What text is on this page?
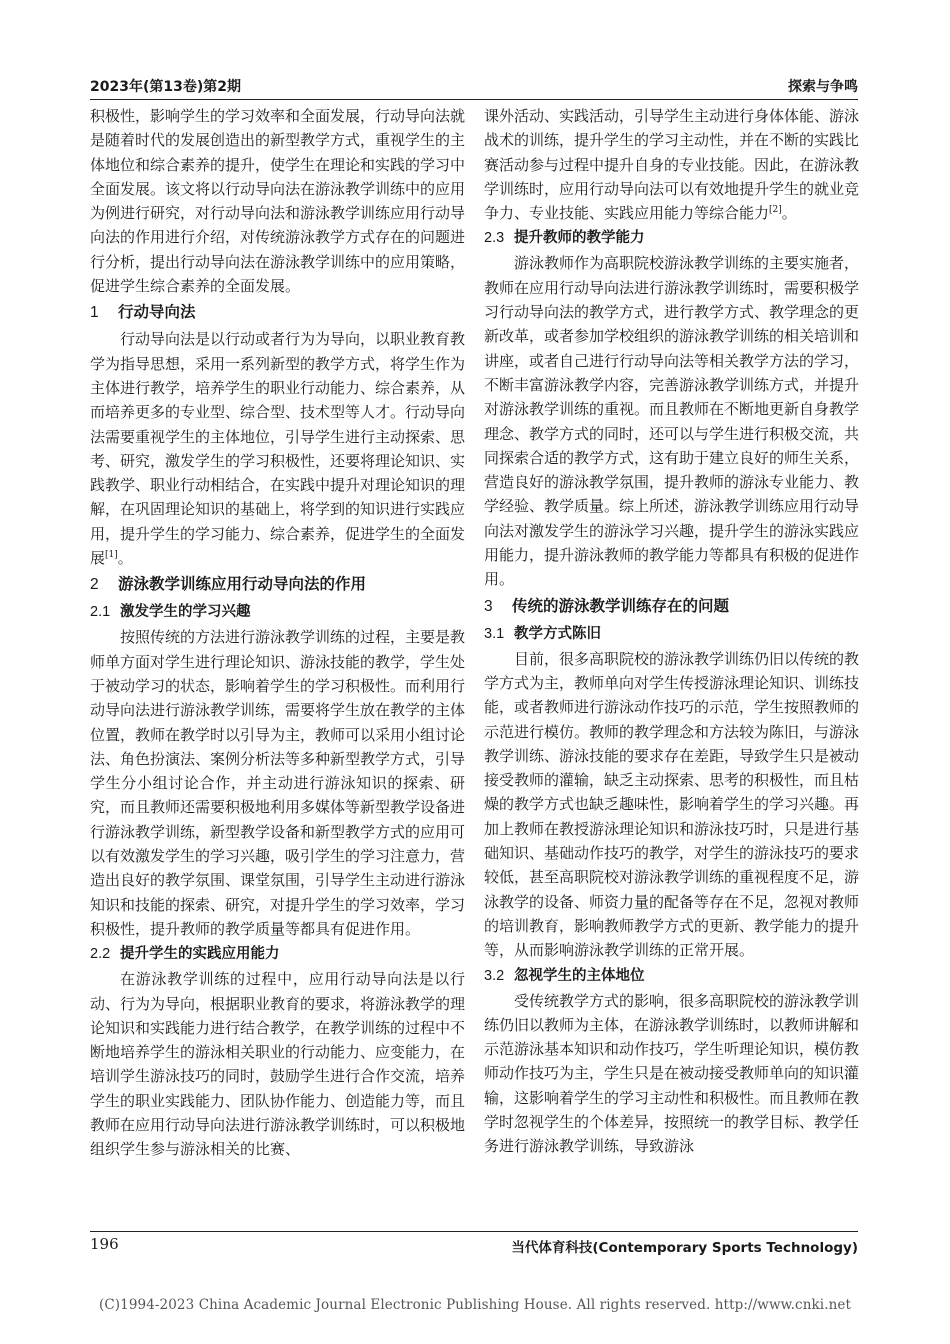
2023年(第13卷)第2期	探索与争鸣

积极性，影响学生的学习效率和全面发展，行动导向法就是随着时代的发展创造出的新型教学方式，重视学生的主体地位和综合素养的提升，使学生在理论和实践的学习中全面发展。该文将以行动导向法在游泳教学训练中的应用为例进行研究，对行动导向法和游泳教学训练应用行动导向法的作用进行介绍，对传统游泳教学方式存在的问题进行分析，提出行动导向法在游泳教学训练中的应用策略，促进学生综合素养的全面发展。

1 行动导向法

行动导向法是以行动或者行为为导向，以职业教育教学为指导思想，采用一系列新型的教学方式，将学生作为主体进行教学，培养学生的职业行动能力、综合素养，从而培养更多的专业型、综合型、技术型等人才。行动导向法需要重视学生的主体地位，引导学生进行主动探索、思考、研究，激发学生的学习积极性，还要将理论知识、实践教学、职业行动相结合，在实践中提升对理论知识的理解，在巩固理论知识的基础上，将学到的知识进行实践应用，提升学生的学习能力、综合素养，促进学生的全面发展[1]。

2 游泳教学训练应用行动导向法的作用
2.1 激发学生的学习兴趣

按照传统的方法进行游泳教学训练的过程，主要是教师单方面对学生进行理论知识、游泳技能的教学，学生处于被动学习的状态，影响着学生的学习积极性。而利用行动导向法进行游泳教学训练，需要将学生放在教学的主体位置，教师在教学时以引导为主，教师可以采用小组讨论法、角色扮演法、案例分析法等多种新型教学方式，引导学生分小组讨论合作，并主动进行游泳知识的探索、研究，而且教师还需要积极地利用多媒体等新型教学设备进行游泳教学训练，新型教学设备和新型教学方式的应用可以有效激发学生的学习兴趣，吸引学生的学习注意力，营造出良好的教学氛围、课堂氛围，引导学生主动进行游泳知识和技能的探索、研究，对提升学生的学习效率，学习积极性，提升教师的教学质量等都具有促进作用。

2.2 提升学生的实践应用能力

在游泳教学训练的过程中，应用行动导向法是以行动、行为为导向，根据职业教育的要求，将游泳教学的理论知识和实践能力进行结合教学，在教学训练的过程中不断地培养学生的游泳相关职业的行动能力、应变能力，在培训学生游泳技巧的同时，鼓励学生进行合作交流，培养学生的职业实践能力、团队协作能力、创造能力等，而且教师在应用行动导向法进行游泳教学训练时，可以积极地组织学生参与游泳相关的比赛、

课外活动、实践活动，引导学生主动进行身体体能、游泳战术的训练，提升学生的学习主动性，并在不断的实践比赛活动参与过程中提升自身的专业技能。因此，在游泳教学训练时，应用行动导向法可以有效地提升学生的就业竞争力、专业技能、实践应用能力等综合能力[2]。

2.3 提升教师的教学能力

游泳教师作为高职院校游泳教学训练的主要实施者，教师在应用行动导向法进行游泳教学训练时，需要积极学习行动导向法的教学方式，进行教学方式、教学理念的更新改革，或者参加学校组织的游泳教学训练的相关培训和讲座，或者自己进行行动导向法等相关教学方法的学习，不断丰富游泳教学内容，完善游泳教学训练方式，并提升对游泳教学训练的重视。而且教师在不断地更新自身教学理念、教学方式的同时，还可以与学生进行积极交流，共同探索合适的教学方式，这有助于建立良好的师生关系，营造良好的游泳教学氛围，提升教师的游泳专业能力、教学经验、教学质量。综上所述，游泳教学训练应用行动导向法对激发学生的游泳学习兴趣，提升学生的游泳实践应用能力，提升游泳教师的教学能力等都具有积极的促进作用。

3 传统的游泳教学训练存在的问题
3.1 教学方式陈旧

目前，很多高职院校的游泳教学训练仍旧以传统的教学方式为主，教师单向对学生传授游泳理论知识、训练技能，或者教师进行游泳动作技巧的示范，学生按照教师的示范进行模仿。教师的教学理念和方法较为陈旧，与游泳教学训练、游泳技能的要求存在差距，导致学生只是被动接受教师的灌输，缺乏主动探索、思考的积极性，而且枯燥的教学方式也缺乏趣味性，影响着学生的学习兴趣。再加上教师在教授游泳理论知识和游泳技巧时，只是进行基础知识、基础动作技巧的教学，对学生的游泳技巧的要求较低，甚至高职院校对游泳教学训练的重视程度不足，游泳教学的设备、师资力量的配备等存在不足，忽视对教师的培训教育，影响教师教学方式的更新、教学能力的提升等，从而影响游泳教学训练的正常开展。

3.2 忽视学生的主体地位

受传统教学方式的影响，很多高职院校的游泳教学训练仍旧以教师为主体，在游泳教学训练时，以教师讲解和示范游泳基本知识和动作技巧，学生听理论知识，模仿教师动作技巧为主，学生只是在被动接受教师单向的知识灌输，这影响着学生的学习主动性和积极性。而且教师在教学时忽视学生的个体差异，按照统一的教学目标、教学任务进行游泳教学训练，导致游泳

196	当代体育科技(Contemporary Sports Technology)
(C)1994-2023 China Academic Journal Electronic Publishing House. All rights reserved. http://www.cnki.net
